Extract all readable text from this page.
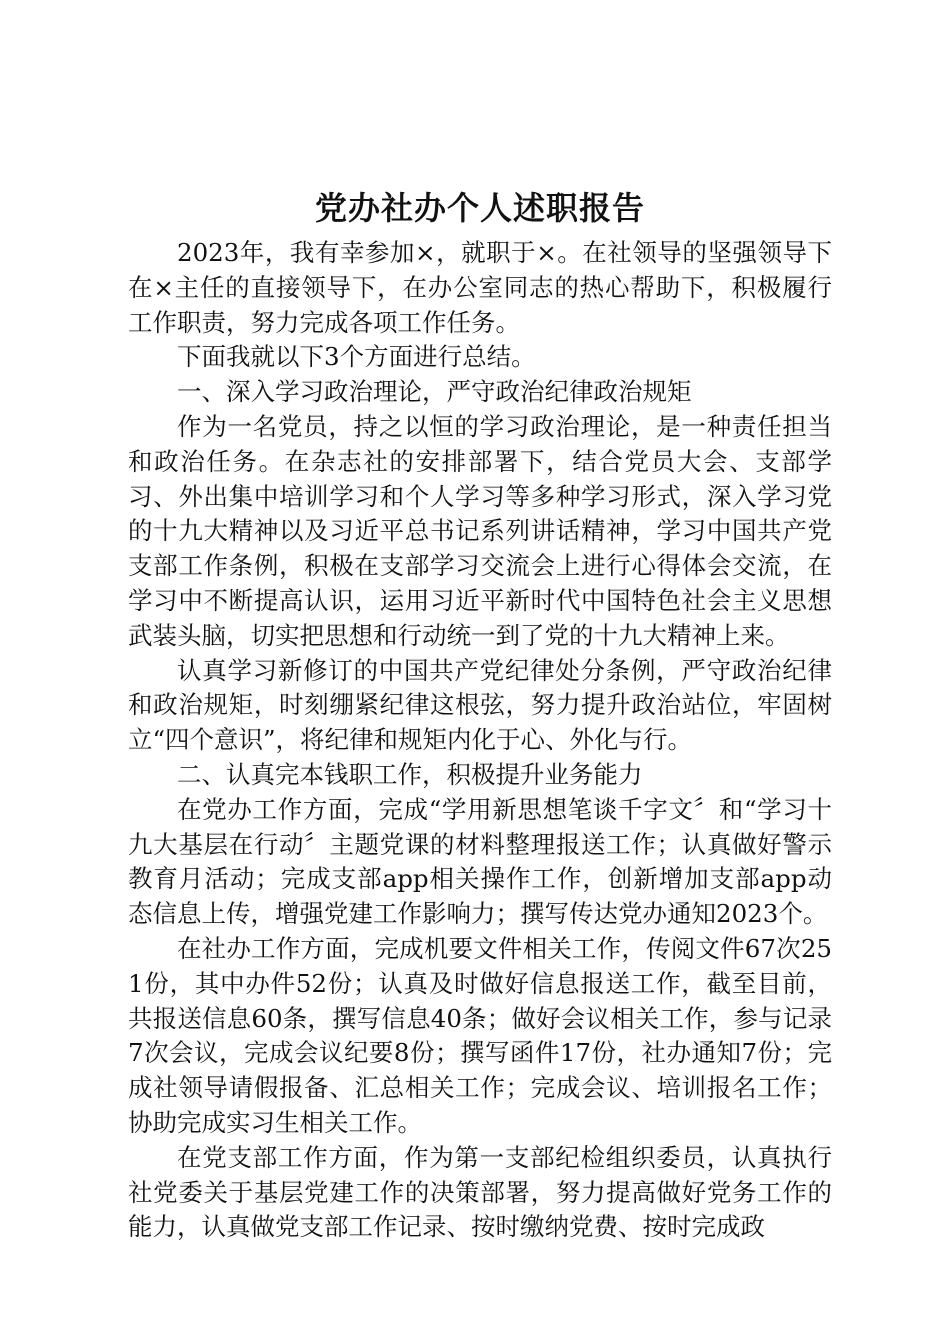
党办社办个人述职报告

2023年，我有幸参加×，就职于×。在社领导的坚强领导下在×主任的直接领导下，在办公室同志的热心帮助下，积极履行工作职责，努力完成各项工作任务。

下面我就以下3个方面进行总结。

一、深入学习政治理论，严守政治纪律政治规矩

作为一名党员，持之以恒的学习政治理论，是一种责任担当和政治任务。在杂志社的安排部署下，结合党员大会、支部学习、外出集中培训学习和个人学习等多种学习形式，深入学习党的十九大精神以及习近平总书记系列讲话精神，学习中国共产党支部工作条例，积极在支部学习交流会上进行心得体会交流，在学习中不断提高认识，运用习近平新时代中国特色社会主义思想武装头脑，切实把思想和行动统一到了党的十九大精神上来。

认真学习新修订的中国共产党纪律处分条例，严守政治纪律和政治规矩，时刻绷紧纪律这根弦，努力提升政治站位，牢固树立“四个意识”，将纪律和规矩内化于心、外化与行。

二、认真完本钱职工作，积极提升业务能力

在党办工作方面，完成“学用新思想笔谈千字文〞和“学习十九大基层在行动〞主题党课的材料整理报送工作；认真做好警示教育月活动；完成支部app相关操作工作，创新增加支部app动态信息上传，增强党建工作影响力；撰写传达党办通知2023个。

在社办工作方面，完成机要文件相关工作，传阅文件67次251份，其中办件52份；认真及时做好信息报送工作，截至目前，共报送信息60条，撰写信息40条；做好会议相关工作，参与记录7次会议，完成会议纪要8份；撰写函件17份，社办通知7份；完成社领导请假报备、汇总相关工作；完成会议、培训报名工作；协助完成实习生相关工作。

在党支部工作方面，作为第一支部纪检组织委员，认真执行社党委关于基层党建工作的决策部署，努力提高做好党务工作的能力，认真做党支部工作记录、按时缴纳党费、按时完成政
